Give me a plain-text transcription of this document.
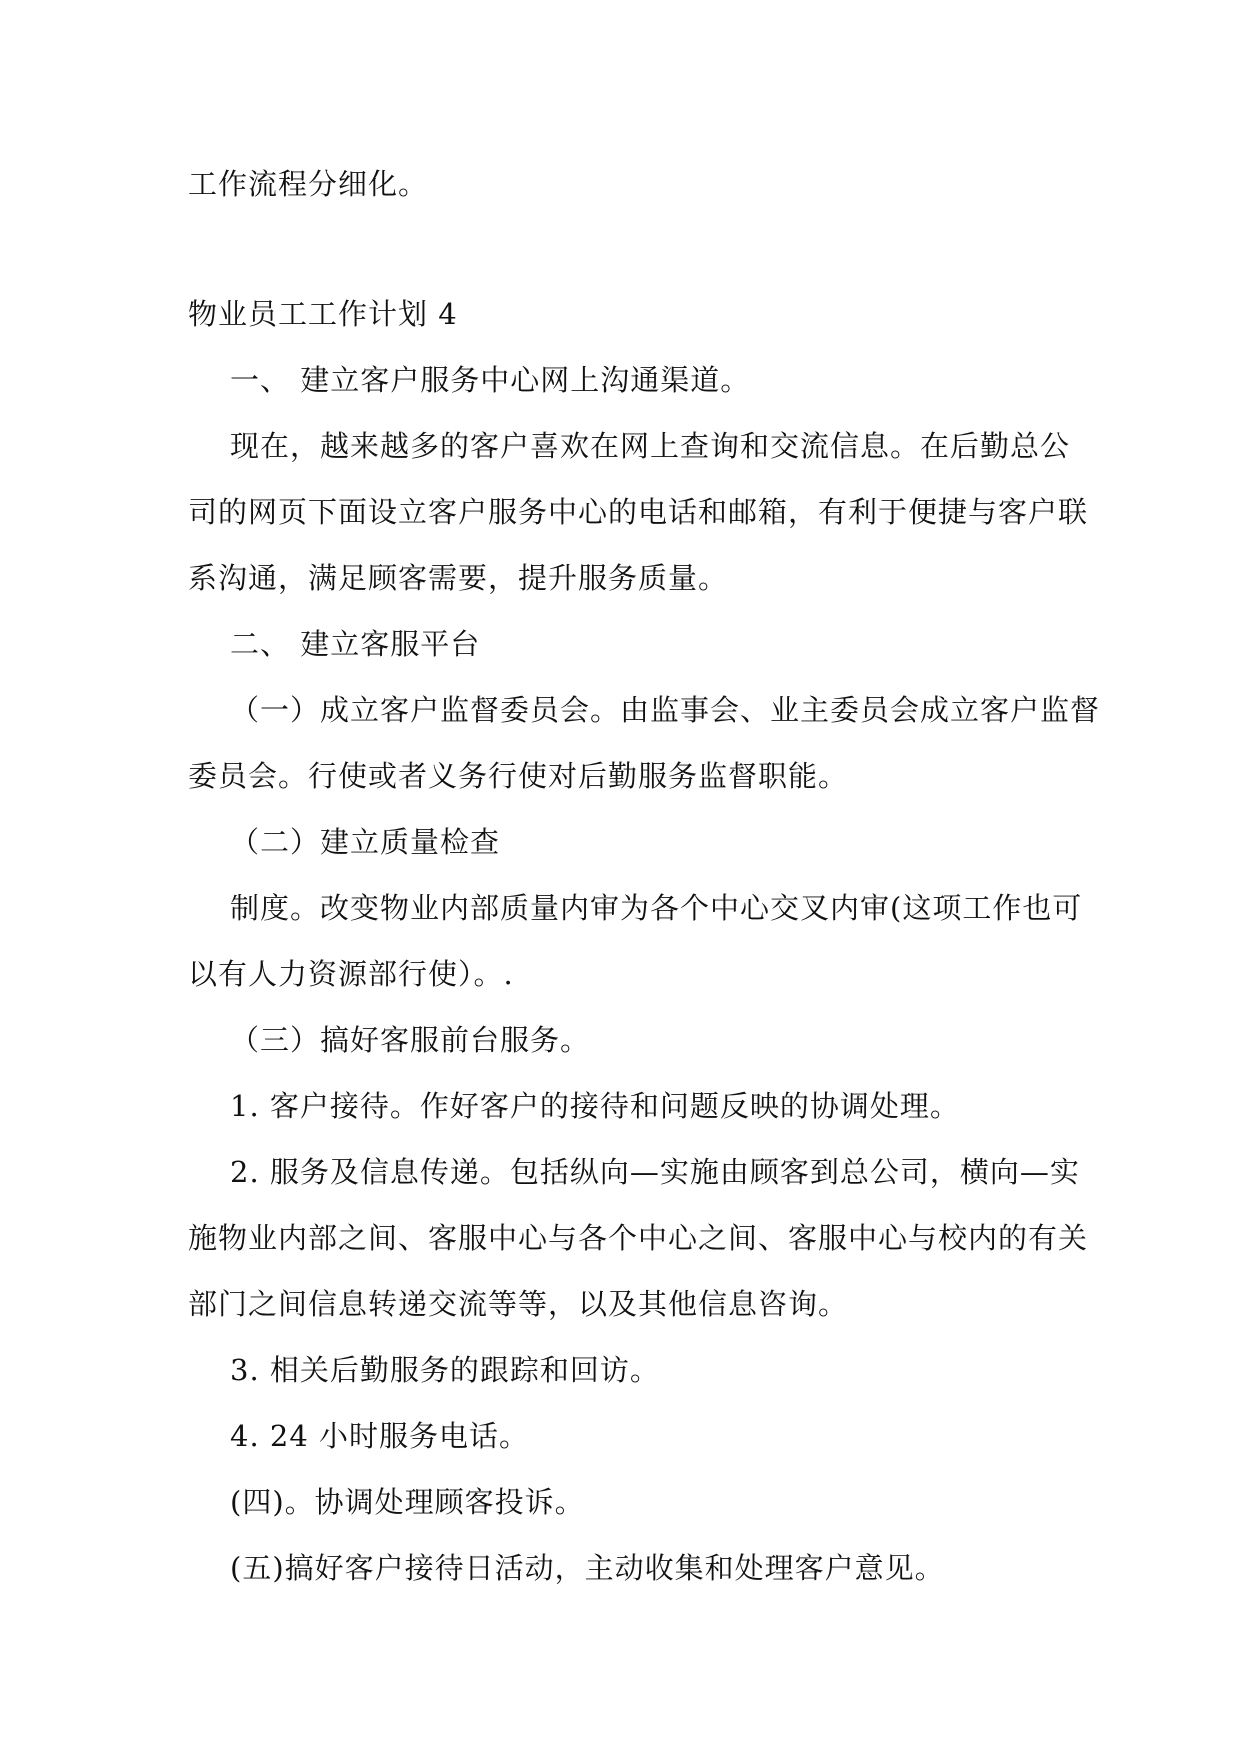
工作流程分细化。
物业员工工作计划 4
一、 建立客户服务中心网上沟通渠道。
现在，越来越多的客户喜欢在网上查询和交流信息。在后勤总公
司的网页下面设立客户服务中心的电话和邮箱，有利于便捷与客户联
系沟通，满足顾客需要，提升服务质量。
二、 建立客服平台
（一）成立客户监督委员会。由监事会、业主委员会成立客户监督
委员会。行使或者义务行使对后勤服务监督职能。
（二）建立质量检查
制度。改变物业内部质量内审为各个中心交叉内审(这项工作也可
以有人力资源部行使）。.
（三）搞好客服前台服务。
1. 客户接待。作好客户的接待和问题反映的协调处理。
2. 服务及信息传递。包括纵向—实施由顾客到总公司，横向—实
施物业内部之间、客服中心与各个中心之间、客服中心与校内的有关
部门之间信息转递交流等等，以及其他信息咨询。
3. 相关后勤服务的跟踪和回访。
4. 24 小时服务电话。
(四)。协调处理顾客投诉。
(五)搞好客户接待日活动，主动收集和处理客户意见。
